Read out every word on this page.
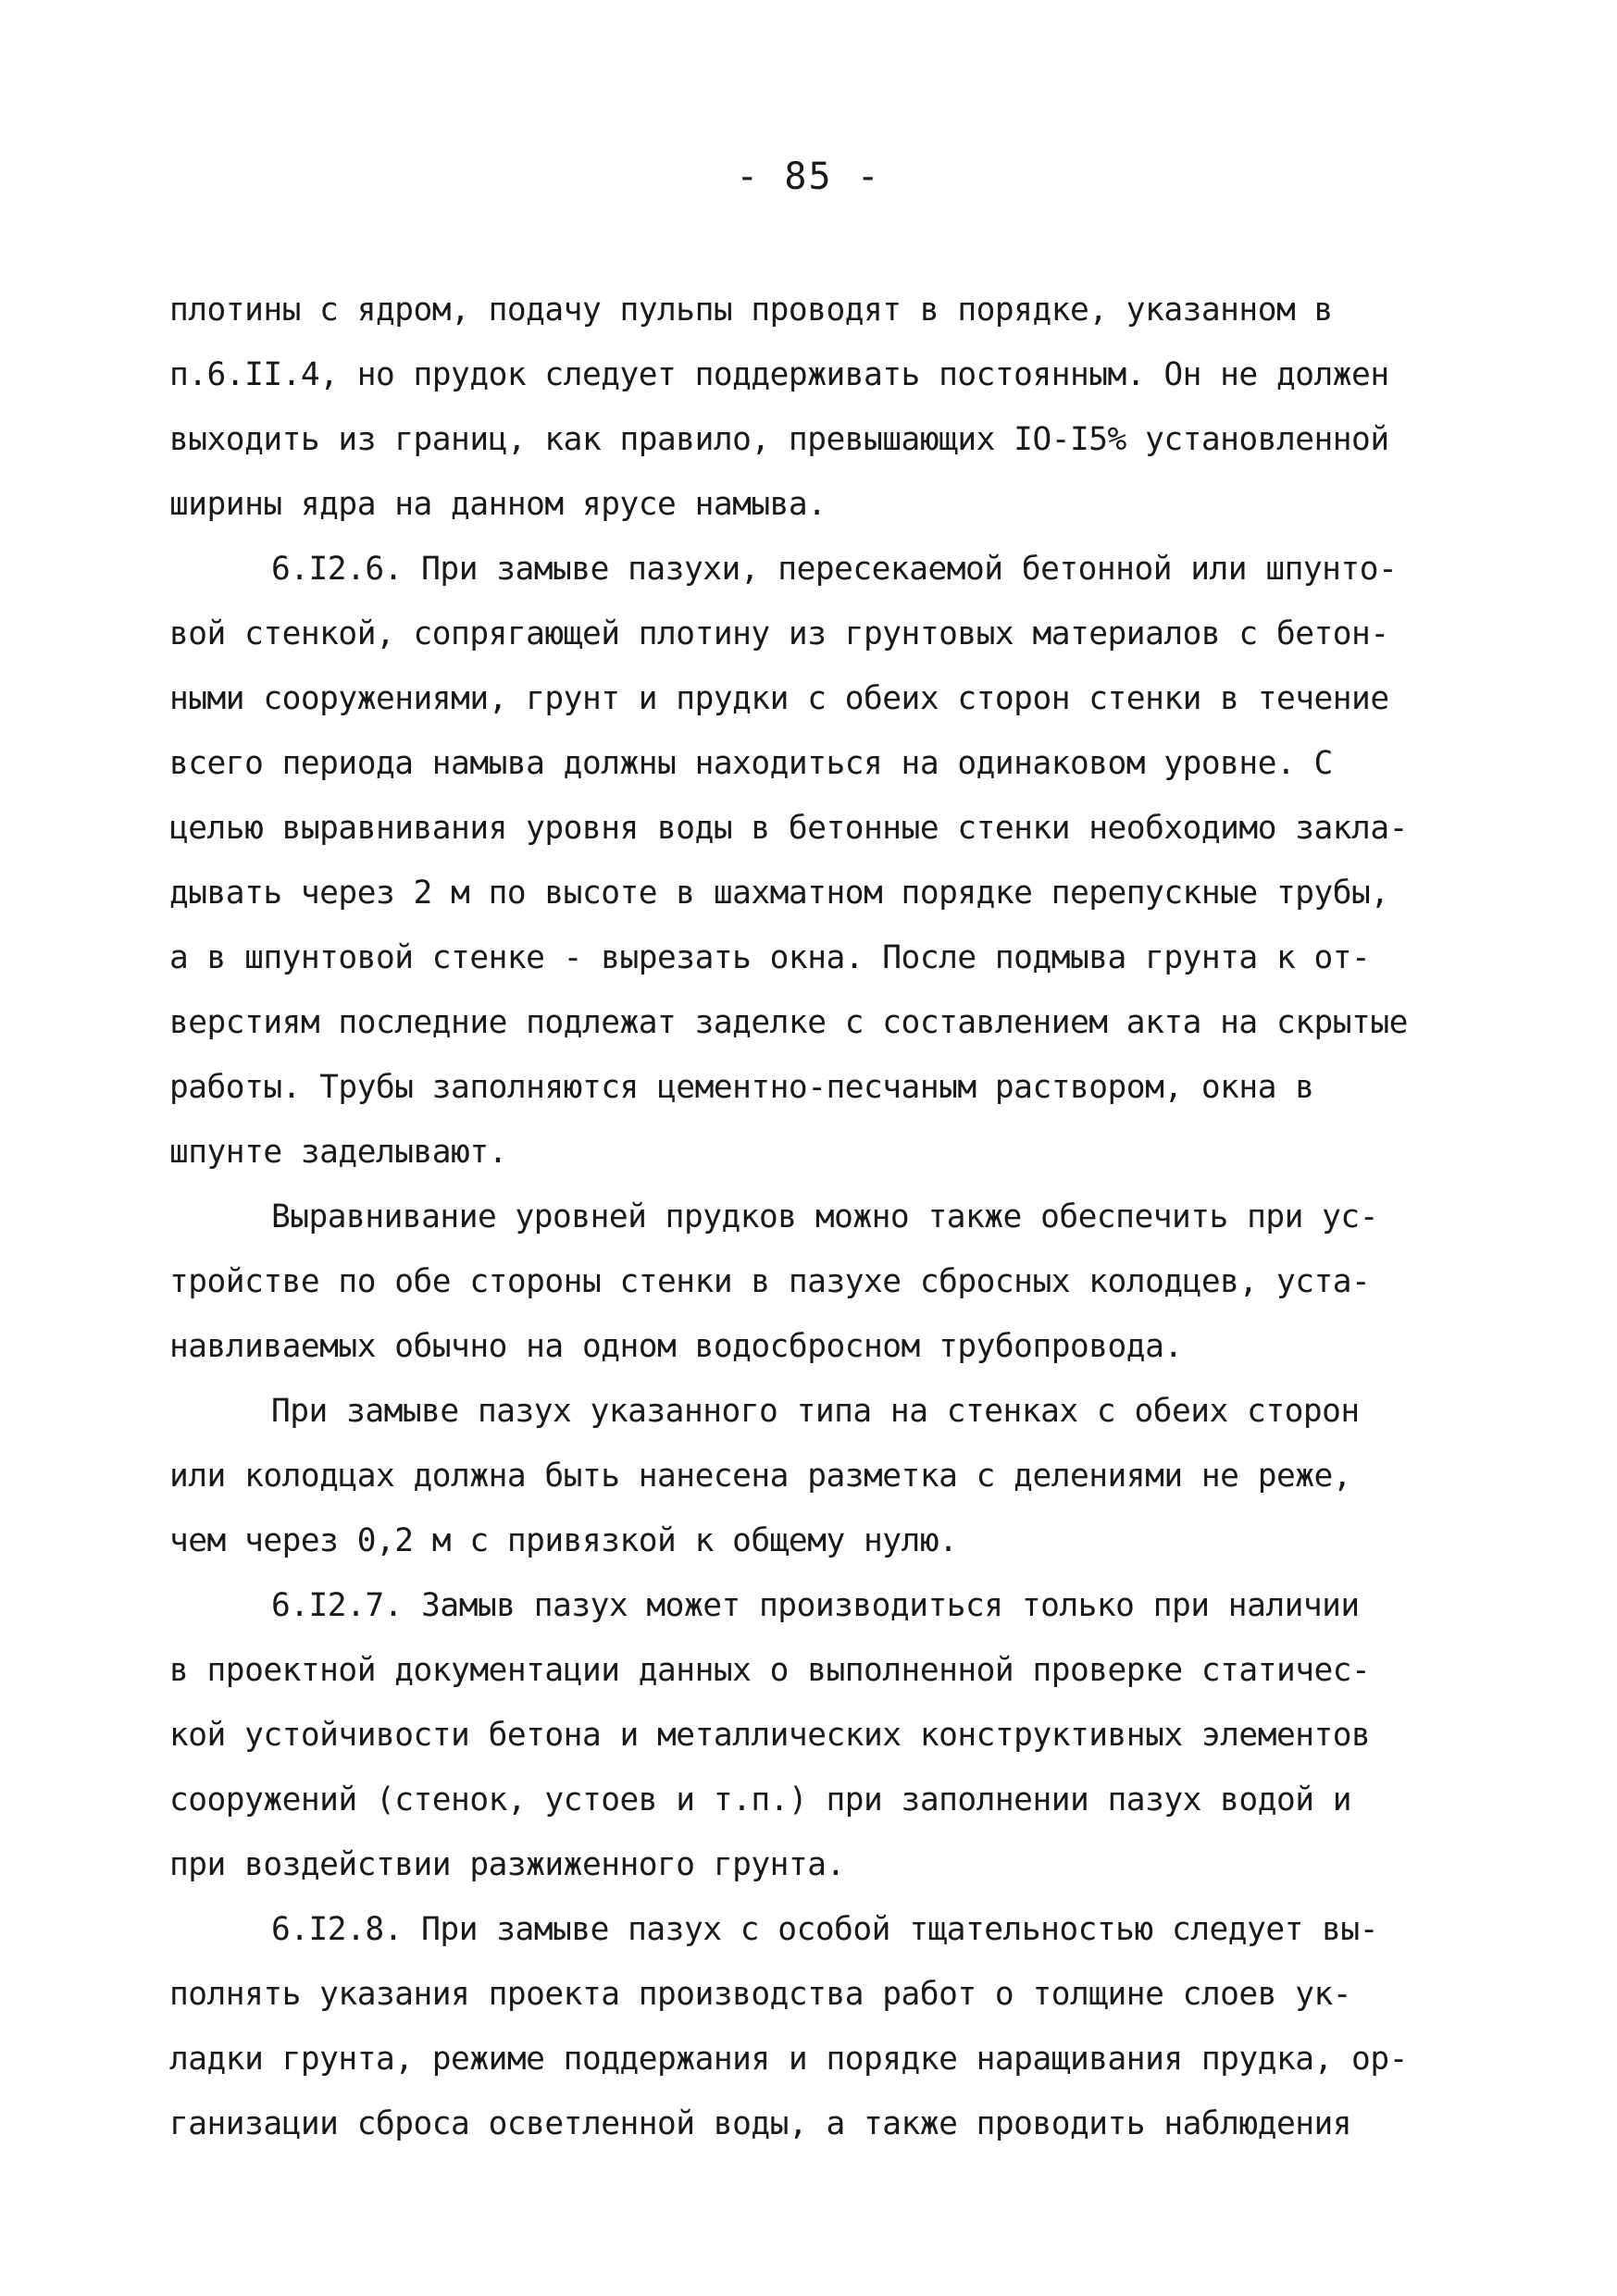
- 85 -
плотины с ядром, подачу пульпы проводят в порядке, указанном в
п.6.II.4, но прудок следует поддерживать постоянным. Он не должен
выходить из границ, как правило, превышающих IO-I5% установленной
ширины ядра на данном ярусе намыва.
6.I2.6. При замыве пазухи, пересекаемой бетонной или шпунто-
вой стенкой, сопрягающей плотину из грунтовых материалов с бетон-
ными сооружениями, грунт и прудки с обеих сторон стенки в течение
всего периода намыва должны находиться на одинаковом уровне. С
целью выравнивания уровня воды в бетонные стенки необходимо закла-
дывать через 2 м по высоте в шахматном порядке перепускные трубы,
а в шпунтовой стенке - вырезать окна. После подмыва грунта к от-
верстиям последние подлежат заделке с составлением акта на скрытые
работы. Трубы заполняются цементно-песчаным раствором, окна в
шпунте заделывают.
Выравнивание уровней прудков можно также обеспечить при ус-
тройстве по обе стороны стенки в пазухе сбросных колодцев, уста-
навливаемых обычно на одном водосбросном трубопровода.
При замыве пазух указанного типа на стенках с обеих сторон
или колодцах должна быть нанесена разметка с делениями не реже,
чем через 0,2 м с привязкой к общему нулю.
6.I2.7. Замыв пазух может производиться только при наличии
в проектной документации данных о выполненной проверке статичес-
кой устойчивости бетона и металлических конструктивных элементов
сооружений (стенок, устоев и т.п.) при заполнении пазух водой и
при воздействии разжиженного грунта.
6.I2.8. При замыве пазух с особой тщательностью следует вы-
полнять указания проекта производства работ о толщине слоев ук-
ладки грунта, режиме поддержания и порядке наращивания прудка, ор-
ганизации сброса осветленной воды, а также проводить наблюдения
